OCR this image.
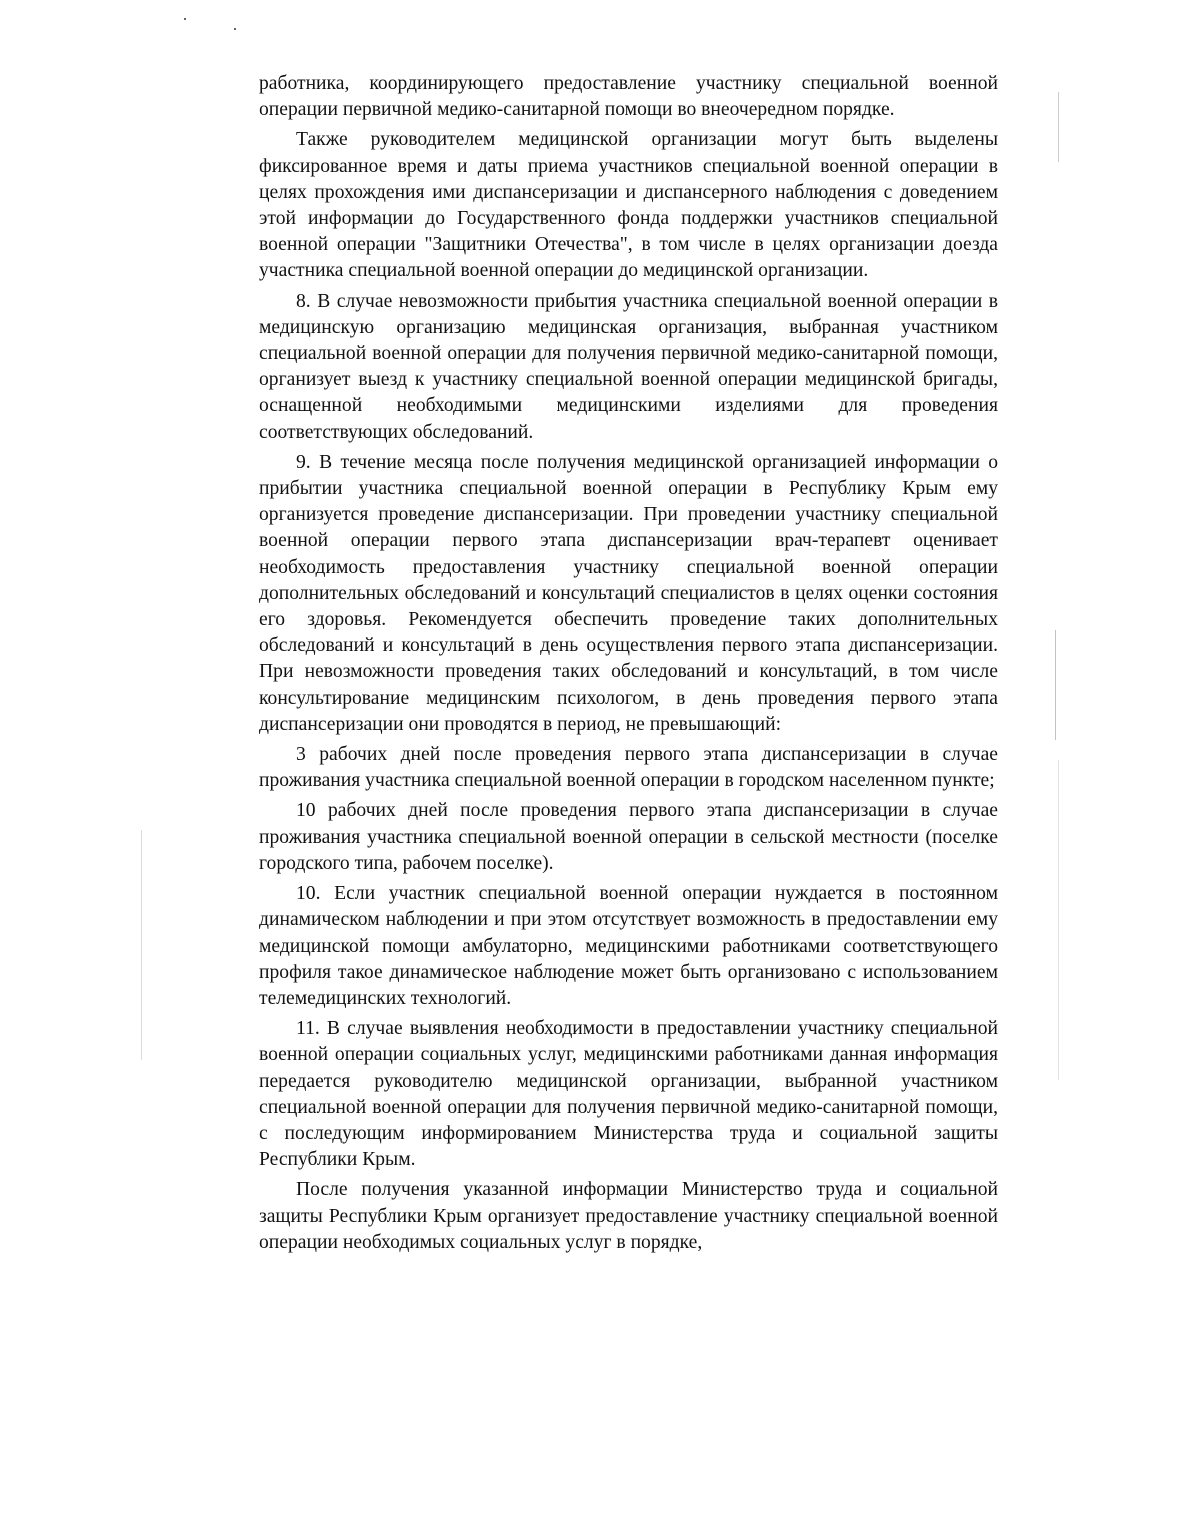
работника, координирующего предоставление участнику специальной военной операции первичной медико-санитарной помощи во внеочередном порядке.

Также руководителем медицинской организации могут быть выделены фиксированное время и даты приема участников специальной военной операции в целях прохождения ими диспансеризации и диспансерного наблюдения с доведением этой информации до Государственного фонда поддержки участников специальной военной операции "Защитники Отечества", в том числе в целях организации доезда участника специальной военной операции до медицинской организации.

8. В случае невозможности прибытия участника специальной военной операции в медицинскую организацию медицинская организация, выбранная участником специальной военной операции для получения первичной медико-санитарной помощи, организует выезд к участнику специальной военной операции медицинской бригады, оснащенной необходимыми медицинскими изделиями для проведения соответствующих обследований.

9. В течение месяца после получения медицинской организацией информации о прибытии участника специальной военной операции в Республику Крым ему организуется проведение диспансеризации. При проведении участнику специальной военной операции первого этапа диспансеризации врач-терапевт оценивает необходимость предоставления участнику специальной военной операции дополнительных обследований и консультаций специалистов в целях оценки состояния его здоровья. Рекомендуется обеспечить проведение таких дополнительных обследований и консультаций в день осуществления первого этапа диспансеризации. При невозможности проведения таких обследований и консультаций, в том числе консультирование медицинским психологом, в день проведения первого этапа диспансеризации они проводятся в период, не превышающий:

3 рабочих дней после проведения первого этапа диспансеризации в случае проживания участника специальной военной операции в городском населенном пункте;

10 рабочих дней после проведения первого этапа диспансеризации в случае проживания участника специальной военной операции в сельской местности (поселке городского типа, рабочем поселке).

10. Если участник специальной военной операции нуждается в постоянном динамическом наблюдении и при этом отсутствует возможность в предоставлении ему медицинской помощи амбулаторно, медицинскими работниками соответствующего профиля такое динамическое наблюдение может быть организовано с использованием телемедицинских технологий.

11. В случае выявления необходимости в предоставлении участнику специальной военной операции социальных услуг, медицинскими работниками данная информация передается руководителю медицинской организации, выбранной участником специальной военной операции для получения первичной медико-санитарной помощи, с последующим информированием Министерства труда и социальной защиты Республики Крым.

После получения указанной информации Министерство труда и социальной защиты Республики Крым организует предоставление участнику специальной военной операции необходимых социальных услуг в порядке,
